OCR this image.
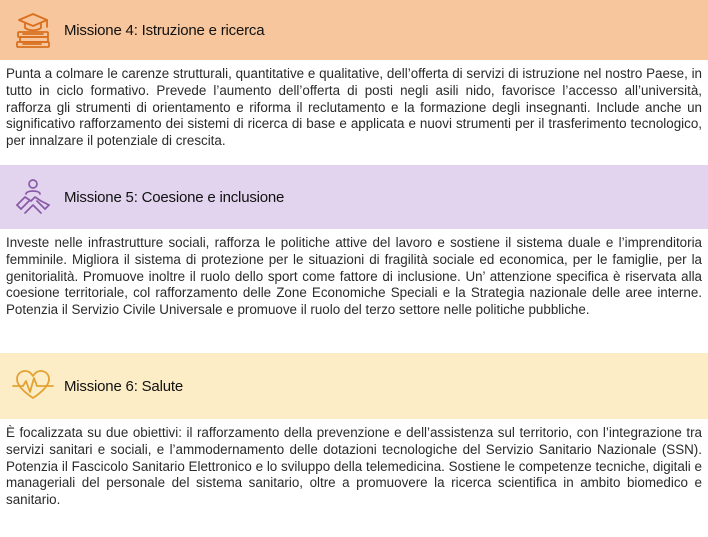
Missione 4: Istruzione e ricerca
Punta a colmare le carenze strutturali, quantitative e qualitative, dell’offerta di servizi di istruzione nel nostro Paese, in tutto in ciclo formativo. Prevede l’aumento dell’offerta di posti negli asili nido, favorisce l’accesso all’università, rafforza gli strumenti di orientamento e riforma il reclutamento e la formazione degli insegnanti. Include anche un significativo rafforzamento dei sistemi di ricerca di base e applicata e nuovi strumenti per il trasferimento tecnologico, per innalzare il potenziale di crescita.
Missione 5: Coesione e inclusione
Investe nelle infrastrutture sociali, rafforza le politiche attive del lavoro e sostiene il sistema duale e l’imprenditoria femminile. Migliora il sistema di protezione per le situazioni di fragilità sociale ed economica, per le famiglie, per la genitorialità. Promuove inoltre il ruolo dello sport come fattore di inclusione. Un’ attenzione specifica è riservata alla coesione territoriale, col rafforzamento delle Zone Economiche Speciali e la Strategia nazionale delle aree interne. Potenzia il Servizio Civile Universale e promuove il ruolo del terzo settore nelle politiche pubbliche.
Missione 6: Salute
È focalizzata su due obiettivi: il rafforzamento della prevenzione e dell’assistenza sul territorio, con l’integrazione tra servizi sanitari e sociali, e l’ammodernamento delle dotazioni tecnologiche del Servizio Sanitario Nazionale (SSN). Potenzia il Fascicolo Sanitario Elettronico e lo sviluppo della telemedicina. Sostiene le competenze tecniche, digitali e manageriali del personale del sistema sanitario, oltre a promuovere la ricerca scientifica in ambito biomedico e sanitario.
